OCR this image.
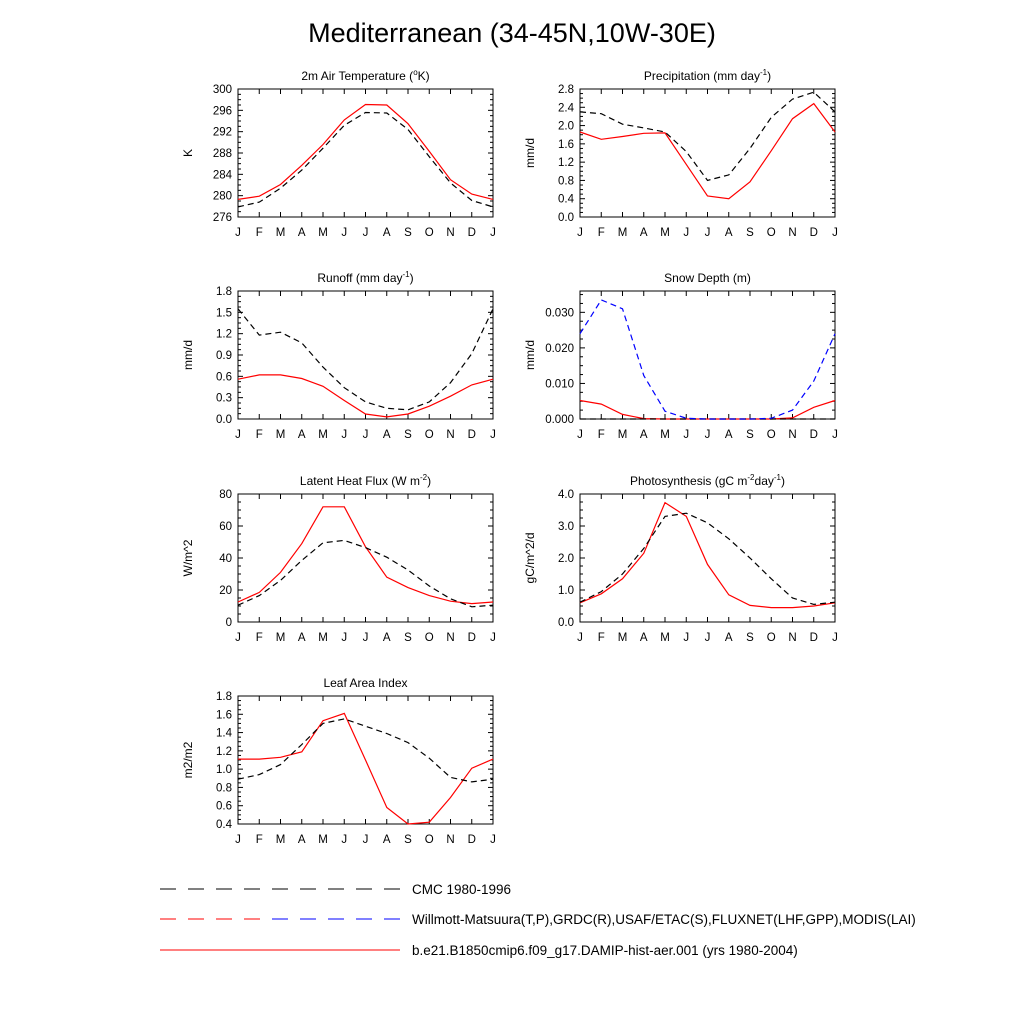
Mediterranean (34-45N,10W-30E)
2m Air Temperature ($^o$K)
K
276
280
284
288
292
296
300
J F M A M J J A S O N D J
Precipitation (mm day$^{-1}$)
mm/d
0.0
0.4
0.8
1.2
1.6
2.0
2.4
2.8
J F M A M J J A S O N D J
Runoff (mm day$^{-1}$)
mm/d
0.0
0.3
0.6
0.9
1.2
1.5
1.8
J F M A M J J A S O N D J
Snow Depth (m)
mm/d
0.000
0.010
0.020
0.030
J F M A M J J A S O N D J
Latent Heat Flux (W $m^{-2}$)
W/m^2
0
20
40
60
80
J F M A M J J A S O N D J
Photosynthesis (gC $m^{-2}day^{-1}$)
gC/m^2/d
0.0
1.0
2.0
3.0
4.0
J F M A M J J A S O N D J
Leaf Area Index
m2/m2
0.4
0.6
0.8
1.0
1.2
1.4
1.6
1.8
J F M A M J J A S O N D J
CMC 1980-1996
Willmott-Matsuura(T,P),GRDC(R),USAF/ETAC(S),FLUXNET(LHF,GPP),MODIS(LAI)
b.e21.B1850cmip6.f09_g17.DAMIP-hist-aer.001 (yrs 1980-2004)
